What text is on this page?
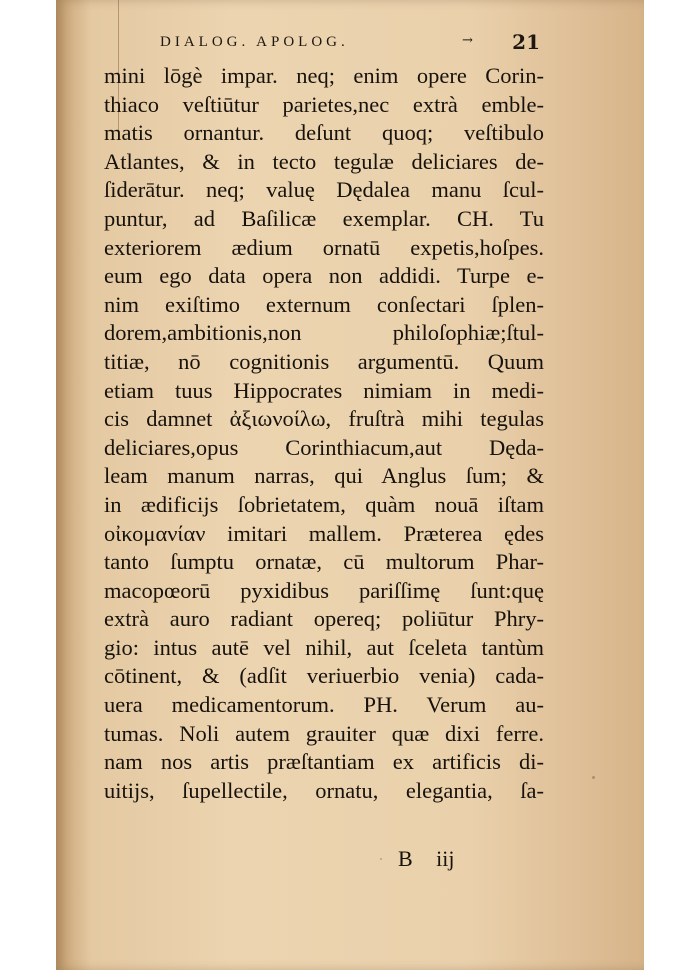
DIALOG. APOLOG.	→ 21
mini lōgè impar. neq; enim opere Corin-
thiaco veſtiūtur parietes,nec extrà emble-
matis ornantur. deſunt quoq; veſtibulo
Atlantes, & in tecto tegulæ deliciares de-
ſiderātur. neq; valuę Dędalea manu ſcul-
puntur, ad Baſilicæ exemplar. CH. Tu
exteriorem ædium ornatū expetis,hoſpes.
eum ego data opera non addidi. Turpe e-
nim exiſtimo externum conſectari ſplen-
dorem,ambitionis,non philoſophiæ;ſtul-
titiæ, nō cognitionis argumentū. Quum
etiam tuus Hippocrates nimiam in medi-
cis damnet ἀξιωνοίλω, fruſtrà mihi tegulas
deliciares,opus Corinthiacum,aut Dęda-
leam manum narras, qui Anglus ſum; &
in ædificijs ſobrietatem, quàm nouā iſtam
οἰκομανίαν imitari mallem. Præterea ędes
tanto ſumptu ornatæ, cū multorum Phar-
macopœorū pyxidibus pariſſimę ſunt:quę
extrà auro radiant opereq; poliūtur Phry-
gio: intus autē vel nihil, aut ſceleta tantùm
cōtinent, & (adſit veriuerbio venia) cada-
uera medicamentorum. PH. Verum au-
tumas. Noli autem grauiter quæ dixi ferre.
nam nos artis præſtantiam ex artificis di-
uitijs, ſupellectile, ornatu, elegantia, ſa-
B iij
